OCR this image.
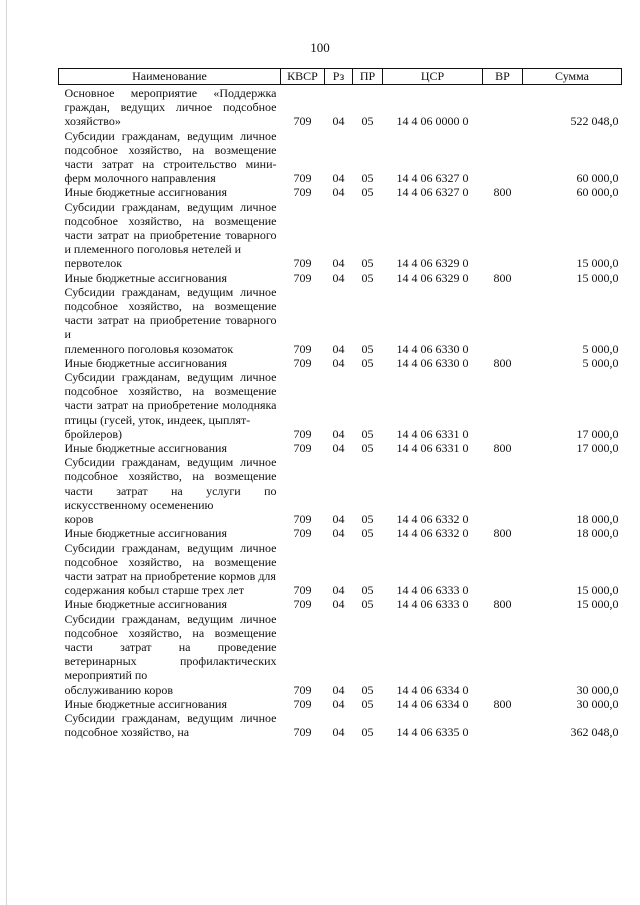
100
Наименование	КВСР	Рз	ПР	ЦСР	ВР	Сумма

Основное мероприятие «Поддержка граждан, ведущих личное подсобное хозяйство»	709	04	05	14 4 06 0000 0		522 048,0

Субсидии гражданам, ведущим личное подсобное хозяйство, на возмещение части затрат на строительство мини-ферм молочного направления	709	04	05	14 4 06 6327 0		60 000,0

Иные бюджетные ассигнования	709	04	05	14 4 06 6327 0	800	60 000,0

Субсидии гражданам, ведущим личное подсобное хозяйство, на возмещение части затрат на приобретение товарного и племенного поголовья нетелей и
первотелок	709	04	05	14 4 06 6329 0		15 000,0

Иные бюджетные ассигнования	709	04	05	14 4 06 6329 0	800	15 000,0

Субсидии гражданам, ведущим личное подсобное хозяйство, на возмещение части затрат на приобретение товарного и
племенного поголовья козоматок	709	04	05	14 4 06 6330 0		5 000,0

Иные бюджетные ассигнования	709	04	05	14 4 06 6330 0	800	5 000,0

Субсидии гражданам, ведущим личное подсобное хозяйство, на возмещение части затрат на приобретение молодняка птицы (гусей, уток, индеек, цыплят-
бройлеров)	709	04	05	14 4 06 6331 0		17 000,0

Иные бюджетные ассигнования	709	04	05	14 4 06 6331 0	800	17 000,0

Субсидии гражданам, ведущим личное подсобное хозяйство, на возмещение части затрат на услуги по искусственному осеменению
коров	709	04	05	14 4 06 6332 0		18 000,0

Иные бюджетные ассигнования	709	04	05	14 4 06 6332 0	800	18 000,0

Субсидии гражданам, ведущим личное подсобное хозяйство, на возмещение части затрат на приобретение кормов для
содержания кобыл старше трех лет	709	04	05	14 4 06 6333 0		15 000,0

Иные бюджетные ассигнования	709	04	05	14 4 06 6333 0	800	15 000,0

Субсидии гражданам, ведущим личное подсобное хозяйство, на возмещение части затрат на проведение ветеринарных профилактических мероприятий по
обслуживанию коров	709	04	05	14 4 06 6334 0		30 000,0

Иные бюджетные ассигнования	709	04	05	14 4 06 6334 0	800	30 000,0

Субсидии гражданам, ведущим личное подсобное хозяйство, на	709	04	05	14 4 06 6335 0		362 048,0
